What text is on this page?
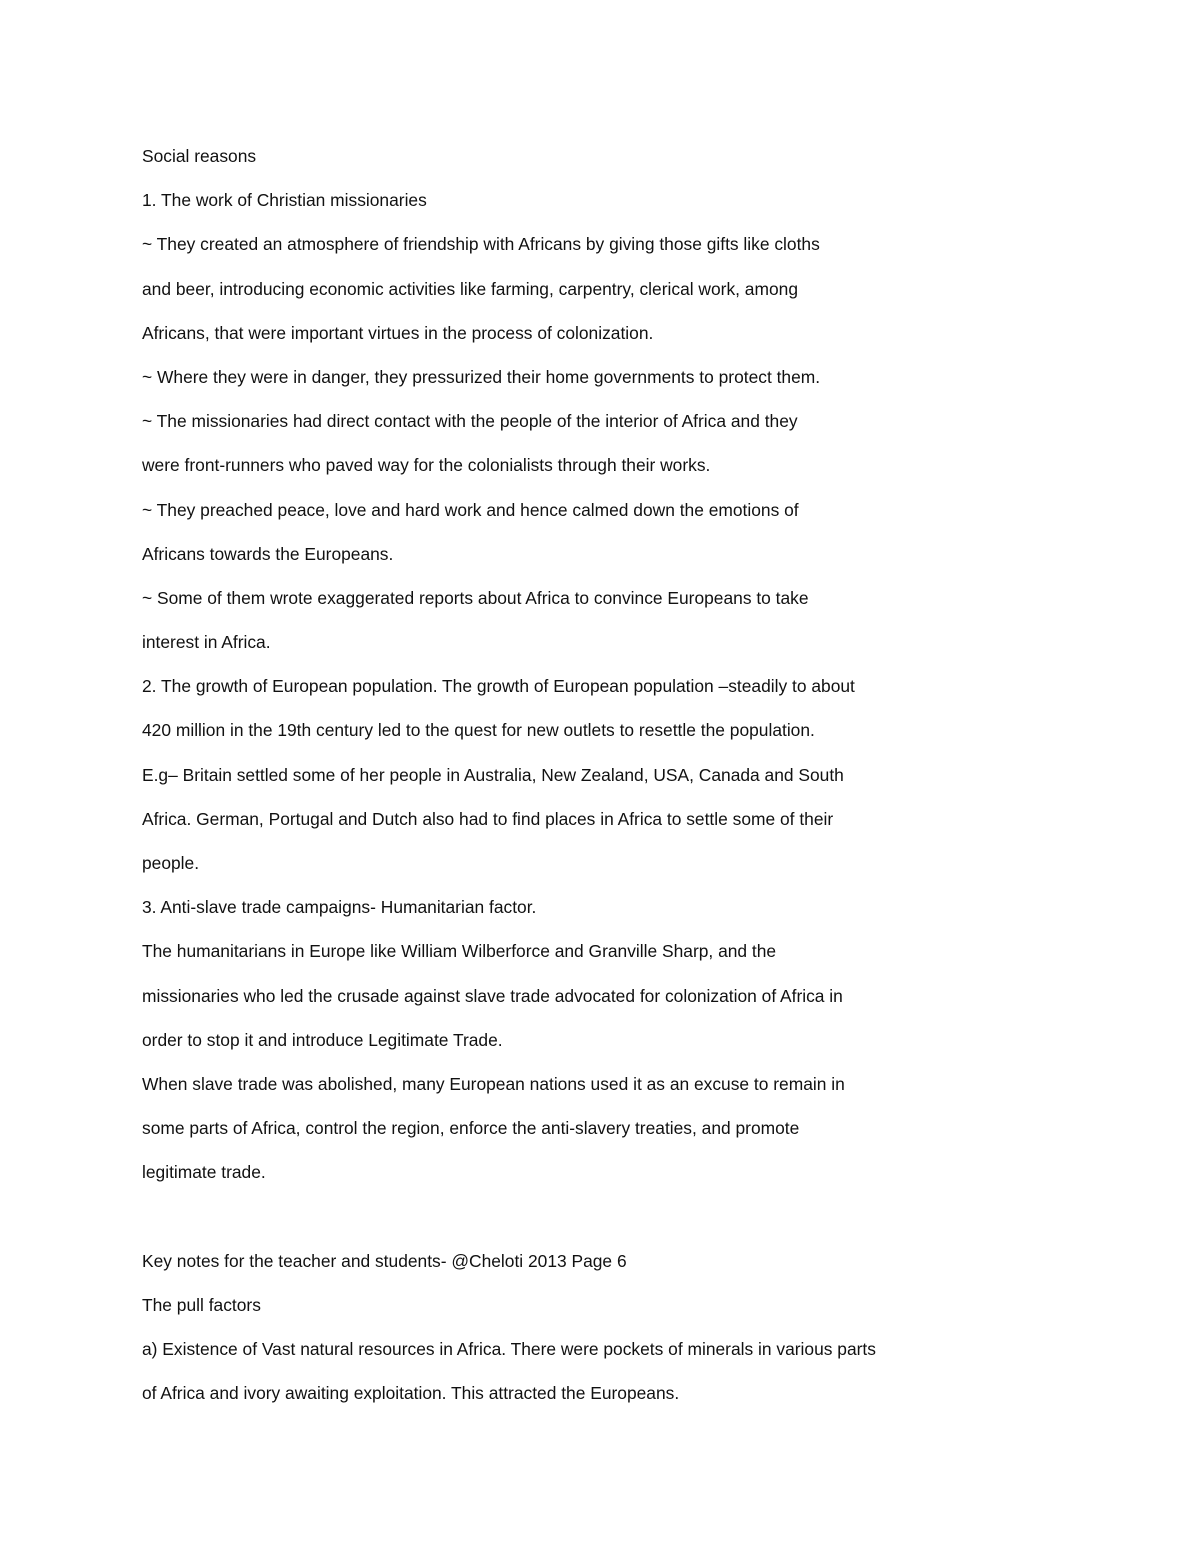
Social reasons
1. The work of Christian missionaries
~ They created an atmosphere of friendship with Africans by giving those gifts like cloths
and beer, introducing economic activities like farming, carpentry, clerical work, among
Africans, that were important virtues in the process of colonization.
~ Where they were in danger, they pressurized their home governments to protect them.
~ The missionaries had direct contact with the people of the interior of Africa and they
were front-runners who paved way for the colonialists through their works.
~ They preached peace, love and hard work and hence calmed down the emotions of
Africans towards the Europeans.
~ Some of them wrote exaggerated reports about Africa to convince Europeans to take
interest in Africa.
2. The growth of European population. The growth of European population –steadily to about
420 million in the 19th century led to the quest for new outlets to resettle the population.
E.g– Britain settled some of her people in Australia, New Zealand, USA, Canada and South
Africa. German, Portugal and Dutch also had to find places in Africa to settle some of their
people.
3. Anti-slave trade campaigns- Humanitarian factor.
The humanitarians in Europe like William Wilberforce and Granville Sharp, and the
missionaries who led the crusade against slave trade advocated for colonization of Africa in
order to stop it and introduce Legitimate Trade.
When slave trade was abolished, many European nations used it as an excuse to remain in
some parts of Africa, control the region, enforce the anti-slavery treaties, and promote
legitimate trade.
Key notes for the teacher and students- @Cheloti 2013 Page 6
The pull factors
a) Existence of Vast natural resources in Africa. There were pockets of minerals in various parts
of Africa and ivory awaiting exploitation. This attracted the Europeans.
